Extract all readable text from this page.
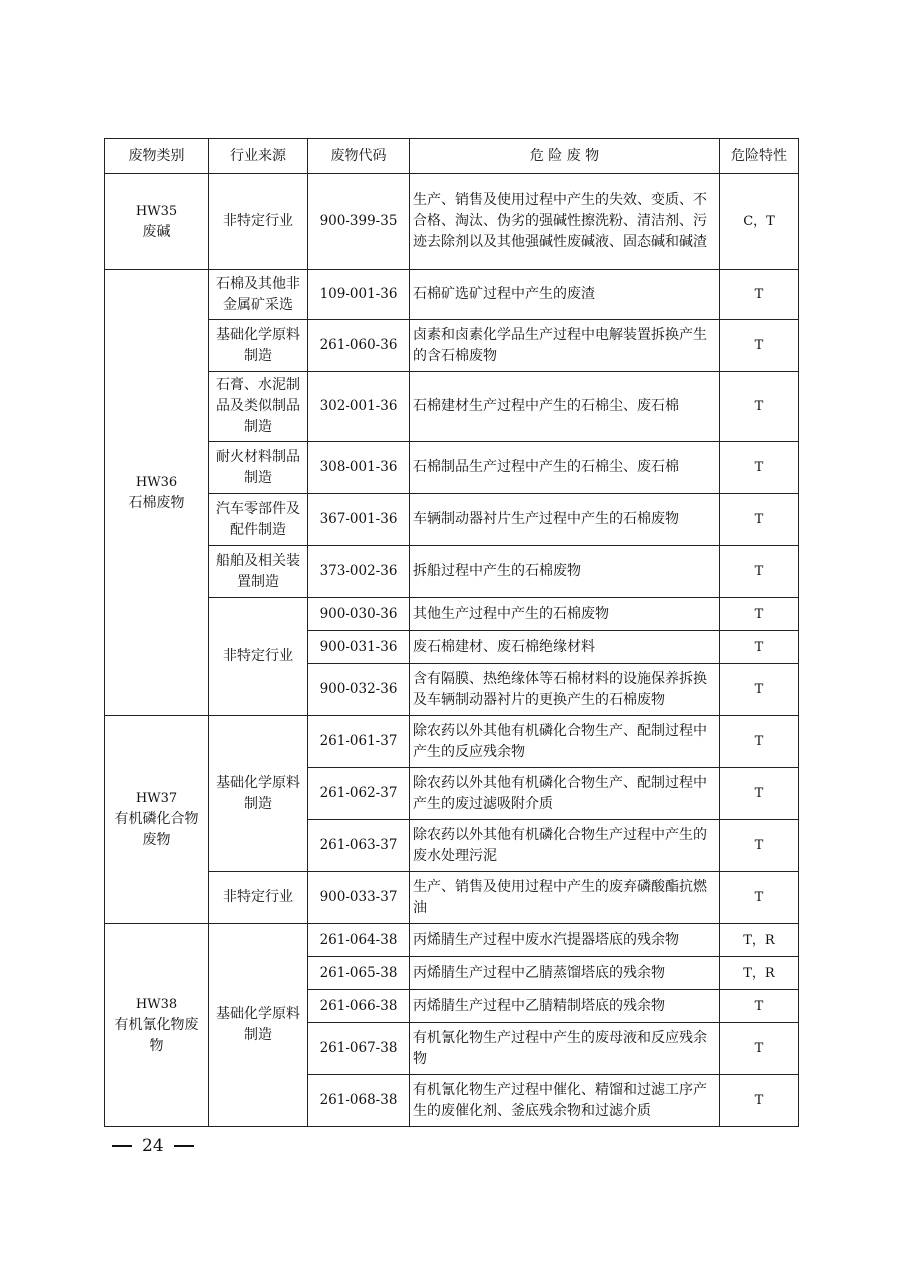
废物类别	行业来源	废物代码	危 险 废 物	危险特性

HW35
废碱	非特定行业	900-399-35	生产、销售及使用过程中产生的失效、变质、不合格、淘汰、伪劣的强碱性擦洗粉、清洁剂、污迹去除剂以及其他强碱性废碱液、固态碱和碱渣	C，T

HW36
石棉废物	石棉及其他非金属矿采选	109-001-36	石棉矿选矿过程中产生的废渣	T
	基础化学原料制造	261-060-36	卤素和卤素化学品生产过程中电解装置拆换产生的含石棉废物	T
	石膏、水泥制品及类似制品制造	302-001-36	石棉建材生产过程中产生的石棉尘、废石棉	T
	耐火材料制品制造	308-001-36	石棉制品生产过程中产生的石棉尘、废石棉	T
	汽车零部件及配件制造	367-001-36	车辆制动器衬片生产过程中产生的石棉废物	T
	船舶及相关装置制造	373-002-36	拆船过程中产生的石棉废物	T
	非特定行业	900-030-36	其他生产过程中产生的石棉废物	T
		900-031-36	废石棉建材、废石棉绝缘材料	T
		900-032-36	含有隔膜、热绝缘体等石棉材料的设施保养拆换及车辆制动器衬片的更换产生的石棉废物	T

HW37
有机磷化合物废物	基础化学原料制造	261-061-37	除农药以外其他有机磷化合物生产、配制过程中产生的反应残余物	T
		261-062-37	除农药以外其他有机磷化合物生产、配制过程中产生的废过滤吸附介质	T
		261-063-37	除农药以外其他有机磷化合物生产过程中产生的废水处理污泥	T
	非特定行业	900-033-37	生产、销售及使用过程中产生的废弃磷酸酯抗燃油	T

HW38
有机氰化物废物	基础化学原料制造	261-064-38	丙烯腈生产过程中废水汽提器塔底的残余物	T，R
		261-065-38	丙烯腈生产过程中乙腈蒸馏塔底的残余物	T，R
		261-066-38	丙烯腈生产过程中乙腈精制塔底的残余物	T
		261-067-38	有机氰化物生产过程中产生的废母液和反应残余物	T
		261-068-38	有机氰化物生产过程中催化、精馏和过滤工序产生的废催化剂、釜底残余物和过滤介质	T
24
